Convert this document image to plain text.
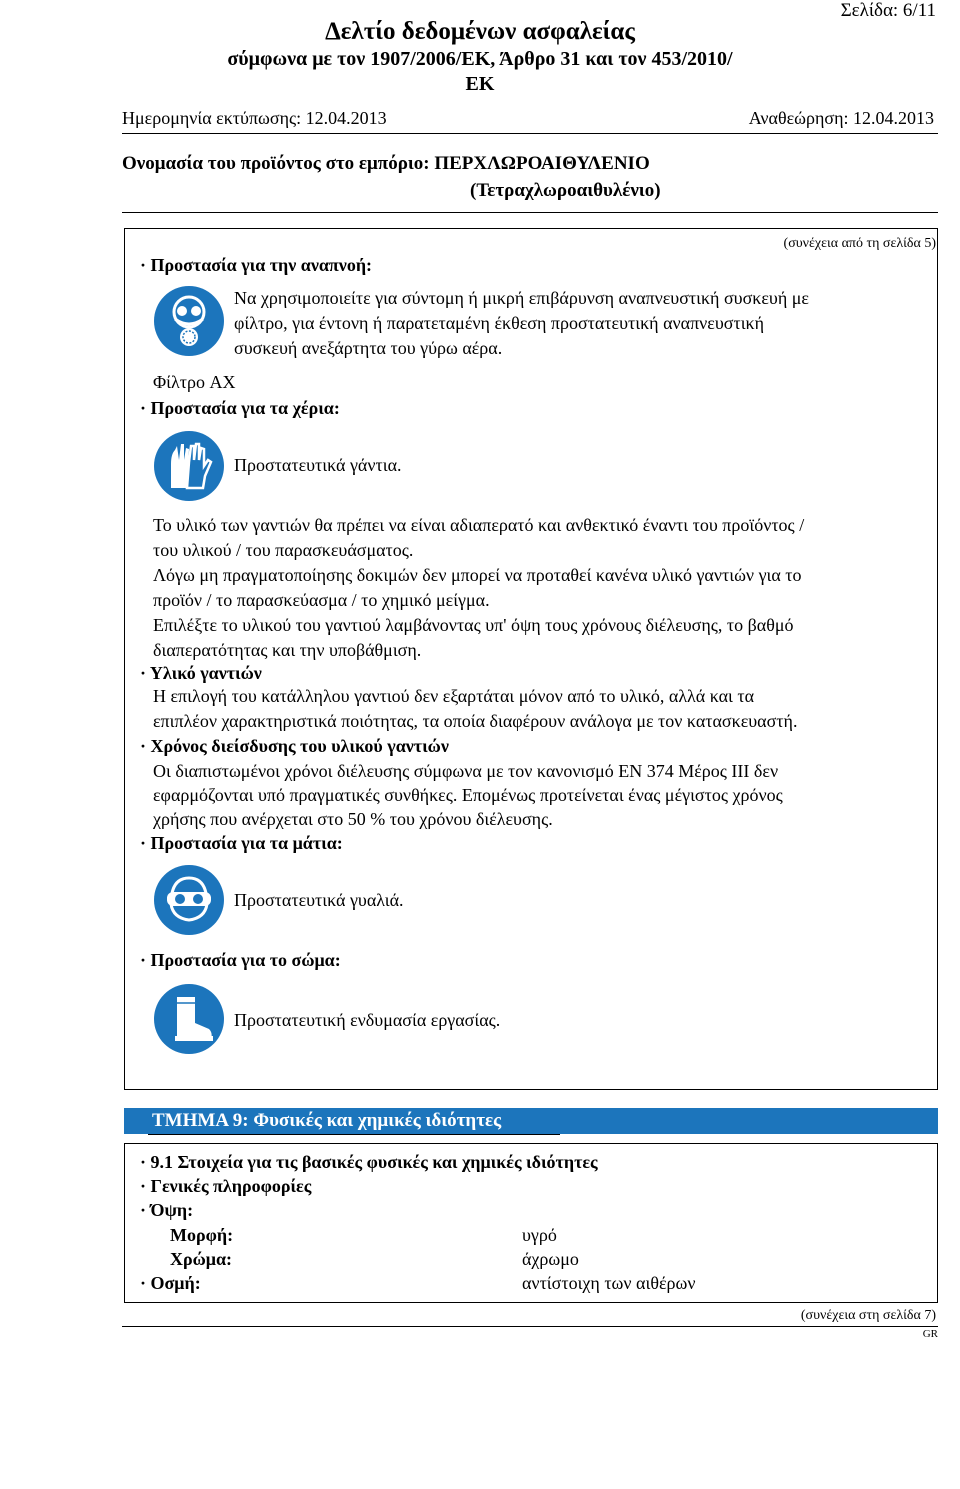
Σελίδα: 6/11
Δελτίο δεδομένων ασφαλείας
σύμφωνα με τον 1907/2006/ΕΚ, Άρθρο 31 και τον 453/2010/
ΕΚ
Ημερομηνία εκτύπωσης: 12.04.2013	Αναθεώρηση: 12.04.2013
Ονομασία του προϊόντος στο εμπόριο: ΠΕΡΧΛΩΡΟΑΙΘΥΛΕΝΙΟ
(Τετραχλωροαιθυλένιο)
(συνέχεια από τη σελίδα 5)
· Προστασία για την αναπνοή:
Να χρησιμοποιείτε για σύντομη ή μικρή επιβάρυνση αναπνευστική συσκευή με
φίλτρο, για έντονη ή παρατεταμένη έκθεση προστατευτική αναπνευστική
συσκευή ανεξάρτητα του γύρω αέρα.
Φίλτρο AX
· Προστασία για τα χέρια:
Προστατευτικά γάντια.
Το υλικό των γαντιών θα πρέπει να είναι αδιαπερατό και ανθεκτικό έναντι του προϊόντος /
του υλικού / του παρασκευάσματος.
Λόγω μη πραγματοποίησης δοκιμών δεν μπορεί να προταθεί κανένα υλικό γαντιών για το
προϊόν / το παρασκεύασμα / το χημικό μείγμα.
Επιλέξτε το υλικού του γαντιού λαμβάνοντας υπ' όψη τους χρόνους διέλευσης, το βαθμό
διαπερατότητας και την υποβάθμιση.
· Υλικό γαντιών
Η επιλογή του κατάλληλου γαντιού δεν εξαρτάται μόνον από το υλικό, αλλά και τα
επιπλέον χαρακτηριστικά ποιότητας, τα οποία διαφέρουν ανάλογα με τον κατασκευαστή.
· Χρόνος διείσδυσης του υλικού γαντιών
Οι διαπιστωμένοι χρόνοι διέλευσης σύμφωνα με τον κανονισμό EN 374 Μέρος III δεν
εφαρμόζονται υπό πραγματικές συνθήκες. Επομένως προτείνεται ένας μέγιστος χρόνος
χρήσης που ανέρχεται στο 50 % του χρόνου διέλευσης.
· Προστασία για τα μάτια:
Προστατευτικά γυαλιά.
· Προστασία για το σώμα:
Προστατευτική ενδυμασία εργασίας.
ΤΜΗΜΑ 9: Φυσικές και χημικές ιδιότητες
· 9.1 Στοιχεία για τις βασικές φυσικές και χημικές ιδιότητες
· Γενικές πληροφορίες
· Όψη:
Μορφή:	υγρό
Χρώμα:	άχρωμο
· Οσμή:	αντίστοιχη των αιθέρων
(συνέχεια στη σελίδα 7)
GR
